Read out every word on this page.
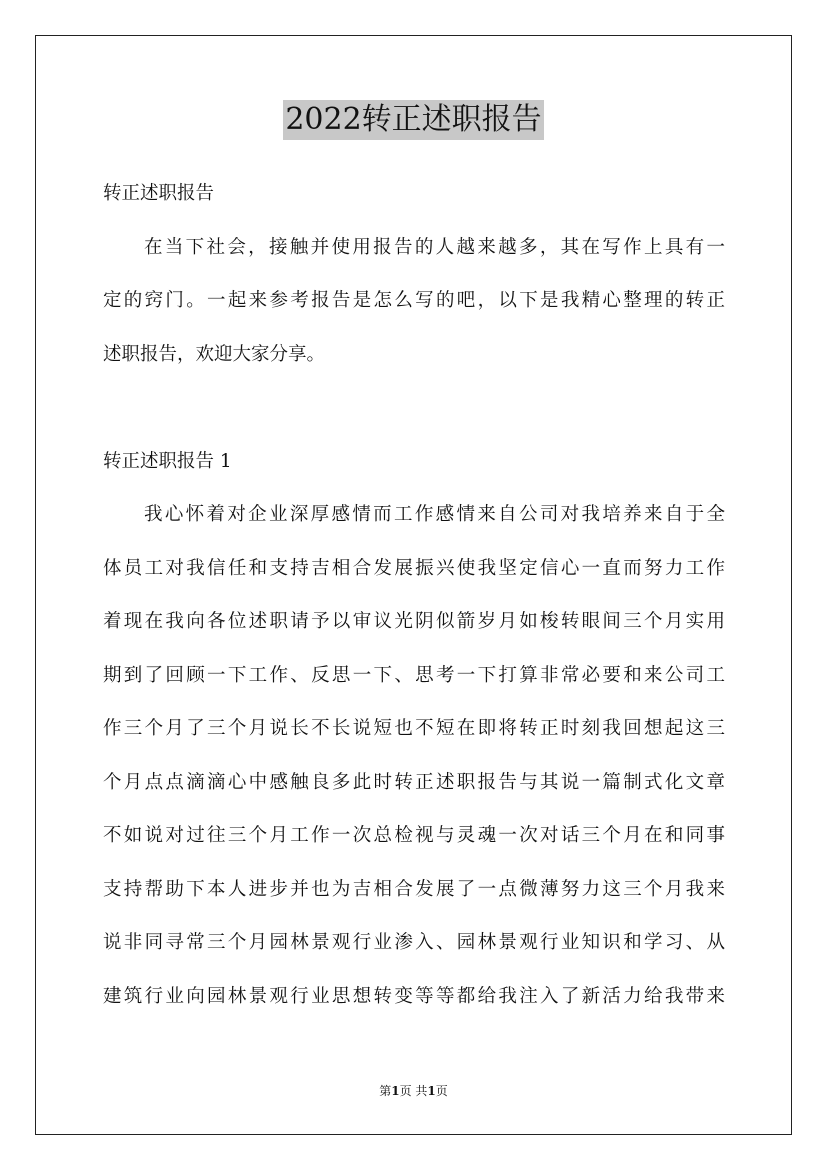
2022转正述职报告
转正述职报告
在当下社会，接触并使用报告的人越来越多，其在写作上具有一
定的窍门。一起来参考报告是怎么写的吧，以下是我精心整理的转正
述职报告，欢迎大家分享。
转正述职报告 1
我心怀着对企业深厚感情而工作感情来自公司对我培养来自于全
体员工对我信任和支持吉相合发展振兴使我坚定信心一直而努力工作
着现在我向各位述职请予以审议光阴似箭岁月如梭转眼间三个月实用
期到了回顾一下工作、反思一下、思考一下打算非常必要和来公司工
作三个月了三个月说长不长说短也不短在即将转正时刻我回想起这三
个月点点滴滴心中感触良多此时转正述职报告与其说一篇制式化文章
不如说对过往三个月工作一次总检视与灵魂一次对话三个月在和同事
支持帮助下本人进步并也为吉相合发展了一点微薄努力这三个月我来
说非同寻常三个月园林景观行业渗入、园林景观行业知识和学习、从
建筑行业向园林景观行业思想转变等等都给我注入了新活力给我带来
第1页 共1页
